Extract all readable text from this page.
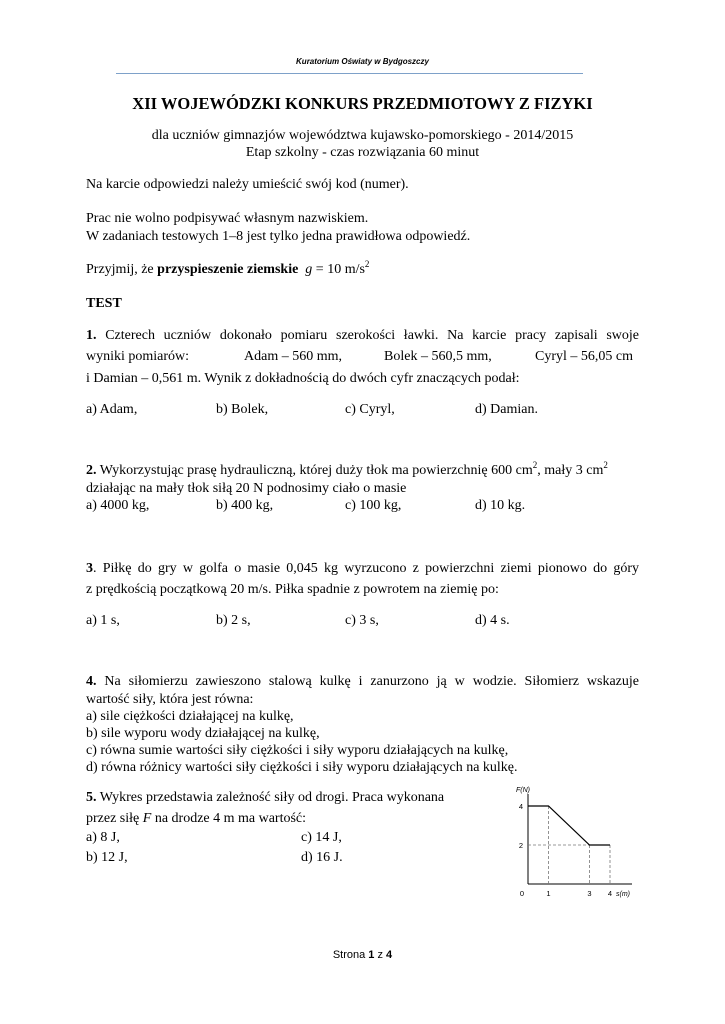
Kuratorium Oświaty w Bydgoszczy
XII WOJEWÓDZKI KONKURS PRZEDMIOTOWY Z FIZYKI
dla uczniów gimnazjów województwa kujawsko-pomorskiego - 2014/2015
Etap szkolny - czas rozwiązania 60 minut
Na karcie odpowiedzi należy umieścić swój kod (numer).
Prac nie wolno podpisywać własnym nazwiskiem.
W zadaniach testowych 1–8 jest tylko jedna prawidłowa odpowiedź.
Przyjmij, że przyspieszenie ziemskie g = 10 $m/s^2$
TEST
1. Czterech uczniów dokonało pomiaru szerokości ławki. Na karcie pracy zapisali swoje
wyniki pomiarów:	Adam – 560 mm,	Bolek – 560,5 mm,	Cyryl – 56,05 cm
i Damian – 0,561 m. Wynik z dokładnością do dwóch cyfr znaczących podał:
a) Adam,	b) Bolek,	c) Cyryl,	d) Damian.
2. Wykorzystując prasę hydrauliczną, której duży tłok ma powierzchnię 600 $cm^2$, mały 3 $cm^2$
działając na mały tłok siłą 20 N podnosimy ciało o masie
a) 4000 kg,	b) 400 kg,	c) 100 kg,	d) 10 kg.
3. Piłkę do gry w golfa o masie 0,045 kg wyrzucono z powierzchni ziemi pionowo do góry
z prędkością początkową 20 m/s. Piłka spadnie z powrotem na ziemię po:
a) 1 s,	b) 2 s,	c) 3 s,	d) 4 s.
4. Na siłomierzu zawieszono stalową kulkę i zanurzono ją w wodzie. Siłomierz wskazuje
wartość siły, która jest równa:
a) sile ciężkości działającej na kulkę,
b) sile wyporu wody działającej na kulkę,
c) równa sumie wartości siły ciężkości i siły wyporu działających na kulkę,
d) równa różnicy wartości siły ciężkości i siły wyporu działających na kulkę.
5. Wykres przedstawia zależność siły od drogi. Praca wykonana
przez siłę F na drodze 4 m ma wartość:
a) 8 J,	c) 14 J,
b) 12 J,	d) 16 J.
0	1	3 4
4
2
F(N)
s(m)
Strona 1 z 4
